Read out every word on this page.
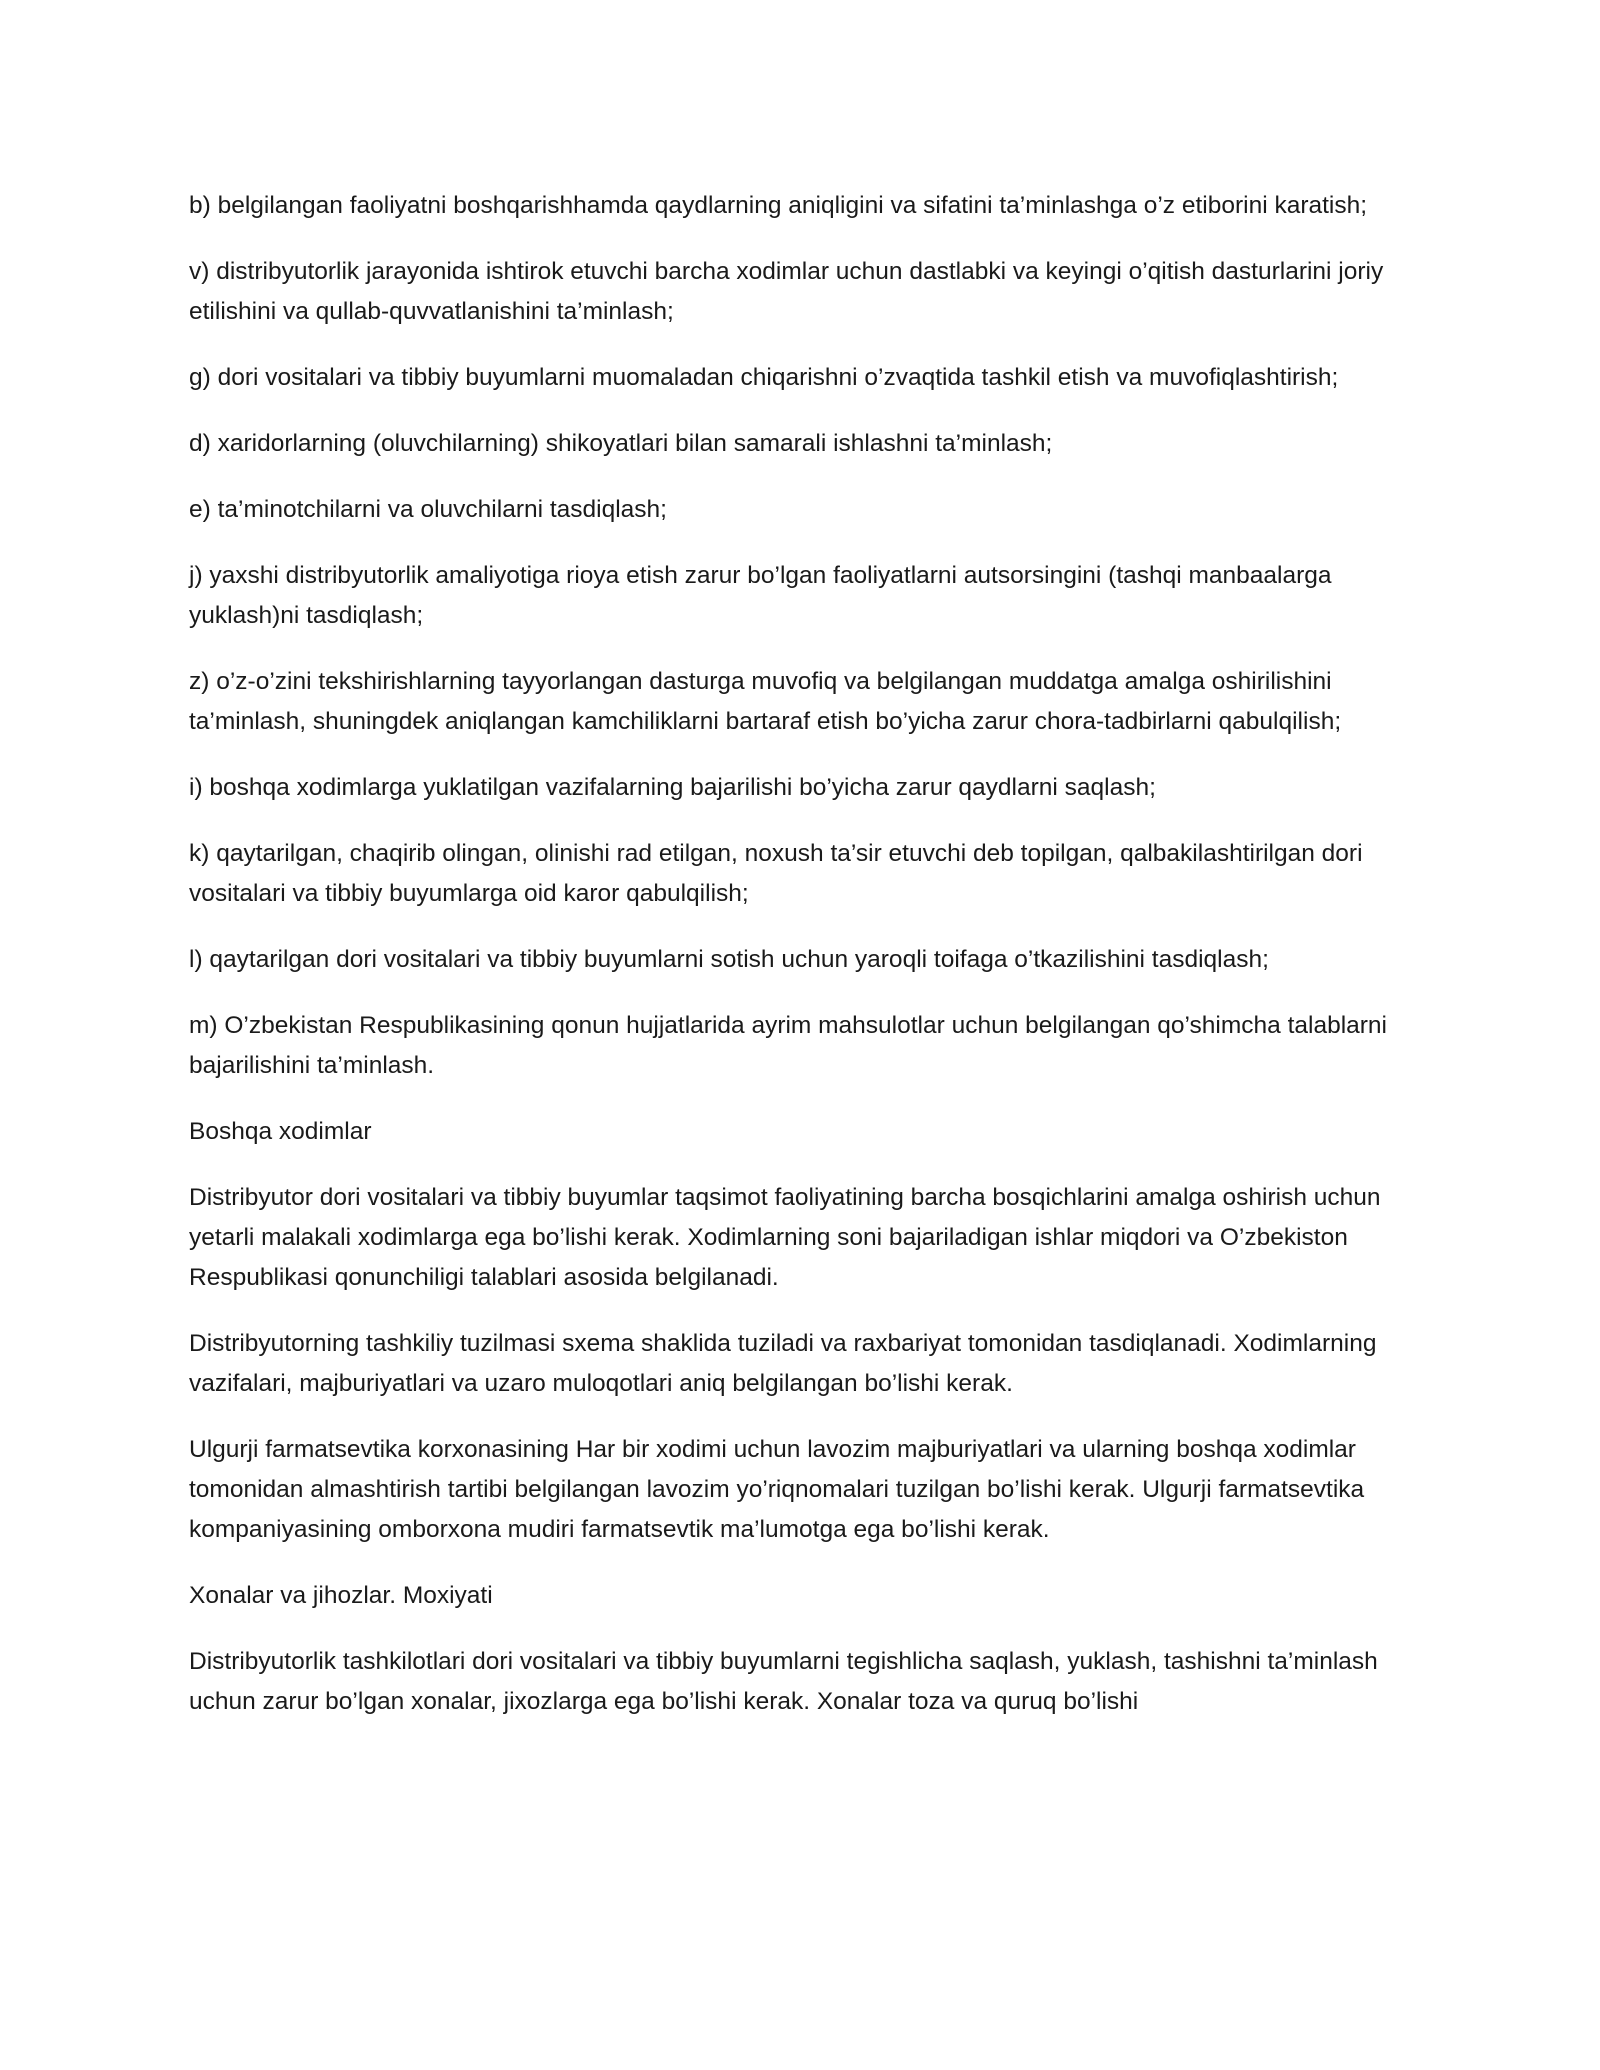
b) belgilangan faoliyatni boshqarishhamda qaydlarning aniqligini va sifatini ta’minlashga o’z etiborini karatish;

v) distribyutorlik jarayonida ishtirok etuvchi barcha xodimlar uchun dastlabki va keyingi o’qitish dasturlarini joriy etilishini va qullab-quvvatlanishini ta’minlash;

g) dori vositalari va tibbiy buyumlarni muomaladan chiqarishni o’zvaqtida tashkil etish va muvofiqlashtirish;

d) xaridorlarning (oluvchilarning) shikoyatlari bilan samarali ishlashni ta’minlash;

e) ta’minotchilarni va oluvchilarni tasdiqlash;

j) yaxshi distribyutorlik amaliyotiga rioya etish zarur bo’lgan faoliyatlarni autsorsingini (tashqi manbaalarga yuklash)ni tasdiqlash;

z) o’z-o’zini tekshirishlarning tayyorlangan dasturga muvofiq va belgilangan muddatga amalga oshirilishini ta’minlash, shuningdek aniqlangan kamchiliklarni bartaraf etish bo’yicha zarur chora-tadbirlarni qabulqilish;

i) boshqa xodimlarga yuklatilgan vazifalarning bajarilishi bo’yicha zarur qaydlarni saqlash;

k) qaytarilgan, chaqirib olingan, olinishi rad etilgan, noxush ta’sir etuvchi deb topilgan, qalbakilashtirilgan dori vositalari va tibbiy buyumlarga oid karor qabulqilish;

l) qaytarilgan dori vositalari va tibbiy buyumlarni sotish uchun yaroqli toifaga o’tkazilishini tasdiqlash;

m) O’zbekistan Respublikasining qonun hujjatlarida ayrim mahsulotlar uchun belgilangan qo’shimcha talablarni bajarilishini ta’minlash.

Boshqa xodimlar

Distribyutor dori vositalari va tibbiy buyumlar taqsimot faoliyatining barcha bosqichlarini amalga oshirish uchun yetarli malakali xodimlarga ega bo’lishi kerak. Xodimlarning soni bajariladigan ishlar miqdori va O’zbekiston Respublikasi qonunchiligi talablari asosida belgilanadi.

Distribyutorning tashkiliy tuzilmasi sxema shaklida tuziladi va raxbariyat tomonidan tasdiqlanadi. Xodimlarning vazifalari, majburiyatlari va uzaro muloqotlari aniq belgilangan bo’lishi kerak.

Ulgurji farmatsevtika korxonasining Har bir xodimi uchun lavozim majburiyatlari va ularning boshqa xodimlar tomonidan almashtirish tartibi belgilangan lavozim yo’riqnomalari tuzilgan bo’lishi kerak. Ulgurji farmatsevtika kompaniyasining omborxona mudiri farmatsevtik ma’lumotga ega bo’lishi kerak.

Xonalar va jihozlar. Moxiyati

Distribyutorlik tashkilotlari dori vositalari va tibbiy buyumlarni tegishlicha saqlash, yuklash, tashishni ta’minlash uchun zarur bo’lgan xonalar, jixozlarga ega bo’lishi kerak. Xonalar toza va quruq bo’lishi
